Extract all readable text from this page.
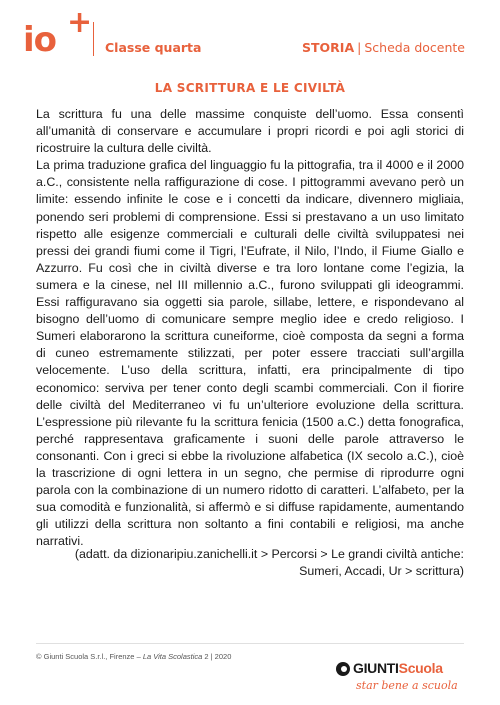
io +
Classe quarta	STORIA | Scheda docente
LA SCRITTURA E LE CIVILTÀ

La scrittura fu una delle massime conquiste dell’uomo. Essa consentì all’umanità di conservare e accumulare i propri ricordi e poi agli storici di ricostruire la cultura delle civiltà.

La prima traduzione grafica del linguaggio fu la pittografia, tra il 4000 e il 2000 a.C., consistente nella raffigurazione di cose. I pittogrammi avevano però un limite: essendo infinite le cose e i concetti da indicare, divennero migliaia, ponendo seri problemi di comprensione. Essi si prestavano a un uso limitato rispetto alle esigenze commerciali e culturali delle civiltà sviluppatesi nei pressi dei grandi fiumi come il Tigri, l’Eufrate, il Nilo, l’Indo, il Fiume Giallo e Azzurro. Fu così che in civiltà diverse e tra loro lontane come l’egizia, la sumera e la cinese, nel III millennio a.C., furono sviluppati gli ideogrammi. Essi raffiguravano sia oggetti sia parole, sillabe, lettere, e rispondevano al bisogno dell’uomo di comunicare sempre meglio idee e credo religioso. I Sumeri elaborarono la scrittura cuneiforme, cioè composta da segni a forma di cuneo estremamente stilizzati, per poter essere tracciati sull’argilla velocemente. L’uso della scrittura, infatti, era principalmente di tipo economico: serviva per tener conto degli scambi commerciali. Con il fiorire delle civiltà del Mediterraneo vi fu un’ulteriore evoluzione della scrittura. L’espressione più rilevante fu la scrittura fenicia (1500 a.C.) detta fonografica, perché rappresentava graficamente i suoni delle parole attraverso le consonanti. Con i greci si ebbe la rivoluzione alfabetica (IX secolo a.C.), cioè la trascrizione di ogni lettera in un segno, che permise di riprodurre ogni parola con la combinazione di un numero ridotto di caratteri. L’alfabeto, per la sua comodità e funzionalità, si affermò e si diffuse rapidamente, aumentando gli utilizzi della scrittura non soltanto a fini contabili e religiosi, ma anche narrativi.

(adatt. da dizionaripiu.zanichelli.it > Percorsi > Le grandi civiltà antiche:
Sumeri, Accadi, Ur > scrittura)
© Giunti Scuola S.r.l., Firenze – La Vita Scolastica 2 | 2020
GIUNTIScuola
star bene a scuola
